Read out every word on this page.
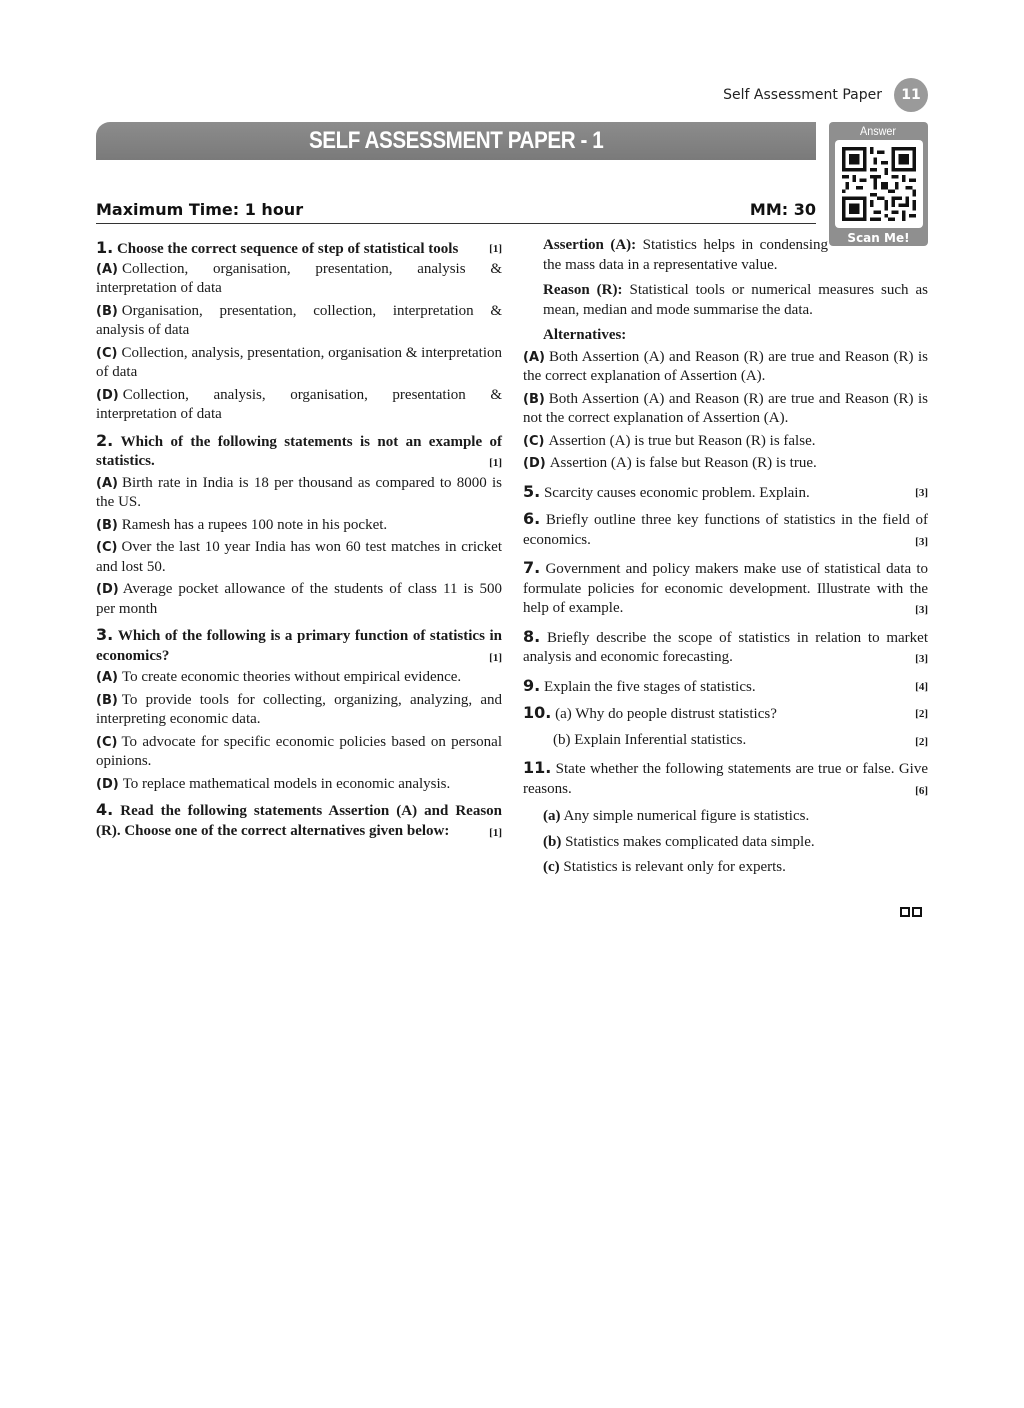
Self Assessment Paper	11
SELF ASSESSMENT PAPER - 1	Answer
Scan Me!
Maximum Time: 1 hour	MM: 30
1. Choose the correct sequence of step of statistical tools	[1]
(A) Collection, organisation, presentation, analysis & interpretation of data
(B) Organisation, presentation, collection, interpretation & analysis of data
(C) Collection, analysis, presentation, organisation & interpretation of data
(D) Collection, analysis, organisation, presentation & interpretation of data
2. Which of the following statements is not an example of statistics.	[1]
(A) Birth rate in India is 18 per thousand as compared to 8000 is the US.
(B) Ramesh has a rupees 100 note in his pocket.
(C) Over the last 10 year India has won 60 test matches in cricket and lost 50.
(D) Average pocket allowance of the students of class 11 is 500 per month
3. Which of the following is a primary function of statistics in economics?	[1]
(A) To create economic theories without empirical evidence.
(B) To provide tools for collecting, organizing, analyzing, and interpreting economic data.
(C) To advocate for specific economic policies based on personal opinions.
(D) To replace mathematical models in economic analysis.
4. Read the following statements Assertion (A) and Reason (R). Choose one of the correct alternatives given below:	[1]
Assertion (A): Statistics helps in condensing the mass data in a representative value.
Reason (R): Statistical tools or numerical measures such as mean, median and mode summarise the data.
Alternatives:
(A) Both Assertion (A) and Reason (R) are true and Reason (R) is the correct explanation of Assertion (A).
(B) Both Assertion (A) and Reason (R) are true and Reason (R) is not the correct explanation of Assertion (A).
(C) Assertion (A) is true but Reason (R) is false.
(D) Assertion (A) is false but Reason (R) is true.
5. Scarcity causes economic problem. Explain.	[3]
6. Briefly outline three key functions of statistics in the field of economics.	[3]
7. Government and policy makers make use of statistical data to formulate policies for economic development. Illustrate with the help of example.	[3]
8. Briefly describe the scope of statistics in relation to market analysis and economic forecasting.	[3]
9. Explain the five stages of statistics.	[4]
10. (a) Why do people distrust statistics?	[2]
(b) Explain Inferential statistics.	[2]
11. State whether the following statements are true or false. Give reasons.	[6]
(a) Any simple numerical figure is statistics.
(b) Statistics makes complicated data simple.
(c) Statistics is relevant only for experts.
